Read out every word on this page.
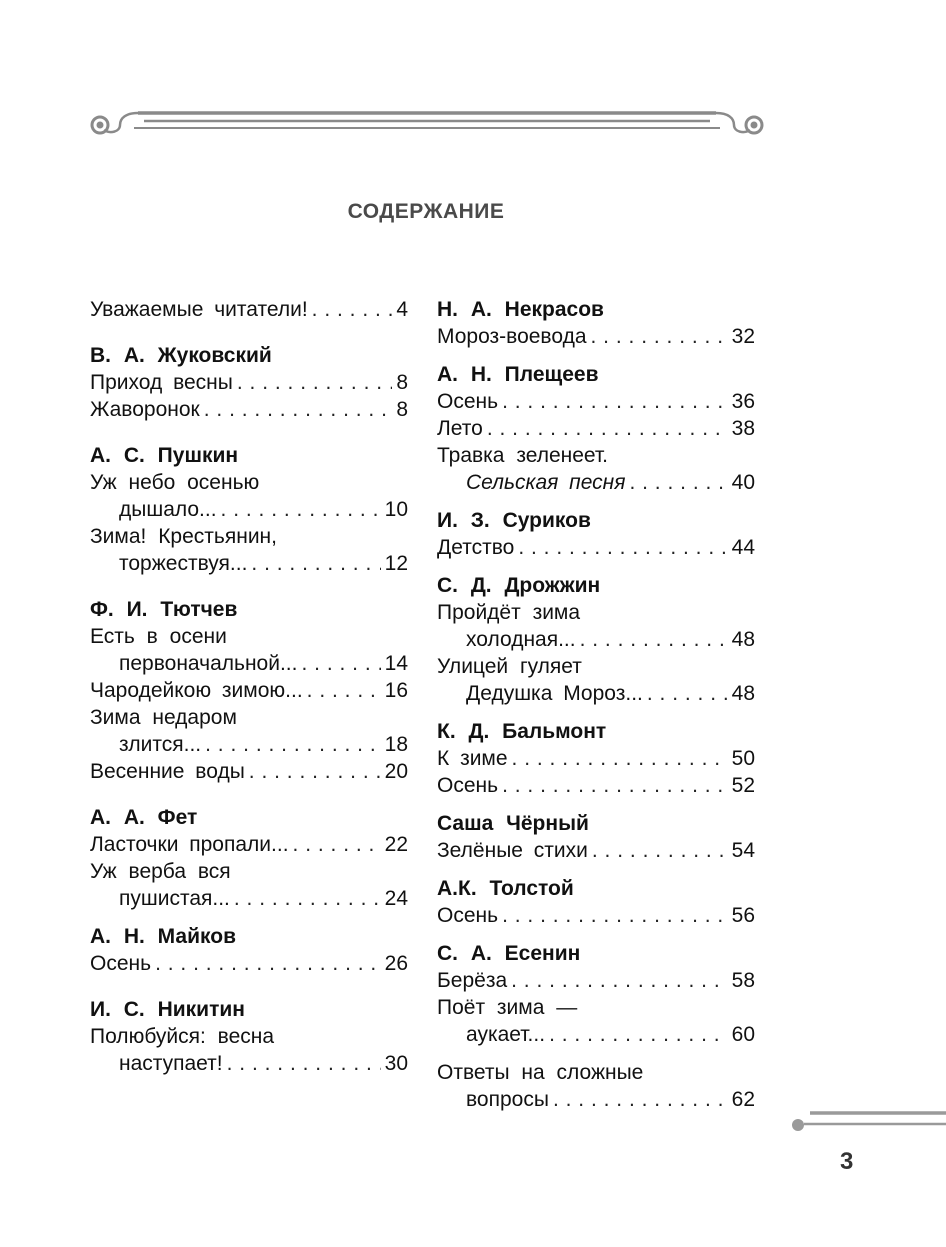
СОДЕРЖАНИЕ
Уважаемые читатели! . . .	4
В. А. Жуковский
Приход весны . . .	8
Жаворонок . . .	8
А. С. Пушкин
Уж небо осенью
дышало... . . .	10
Зима! Крестьянин,
торжествуя... . . .	12
Ф. И. Тютчев
Есть в осени
первоначальной... . . .	14
Чародейкою зимою... . . .	16
Зима недаром
злится... . . .	18
Весенние воды . . .	20
А. А. Фет
Ласточки пропали... . . .	22
Уж верба вся
пушистая... . . .	24
А. Н. Майков
Осень . . .	26
И. С. Никитин
Полюбуйся: весна
наступает! . . .	30
Н. А. Некрасов
Мороз-воевода . . .	32
А. Н. Плещеев
Осень . . .	36
Лето . . .	38
Травка зеленеет.
Сельская песня . . .	40
И. З. Суриков
Детство . . .	44
С. Д. Дрожжин
Пройдёт зима
холодная... . . .	48
Улицей гуляет
Дедушка Мороз... . . .	48
К. Д. Бальмонт
К зиме . . .	50
Осень . . .	52
Саша Чёрный
Зелёные стихи . . .	54
А.К. Толстой
Осень . . .	56
С. А. Есенин
Берёза . . .	58
Поёт зима —
аукает... . . .	60
Ответы на сложные
вопросы . . .	62
3
